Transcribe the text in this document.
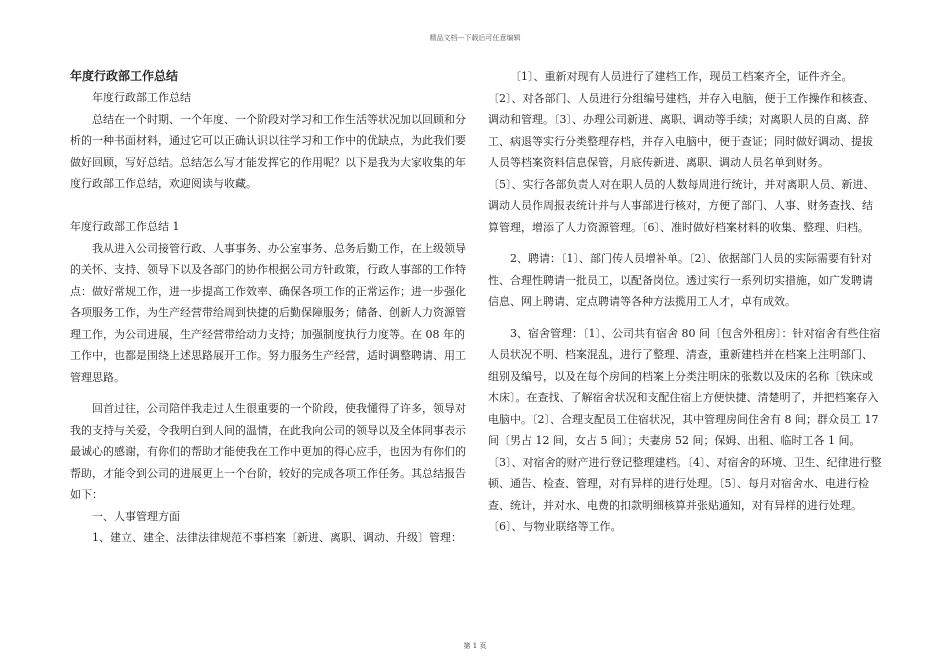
精品文档---下载后可任意编辑

年度行政部工作总结

年度行政部工作总结

总结在一个时期、一个年度、一个阶段对学习和工作生活等状况加以回顾和分析的一种书面材料，通过它可以正确认识以往学习和工作中的优缺点，为此我们要做好回顾，写好总结。总结怎么写才能发挥它的作用呢？以下是我为大家收集的年度行政部工作总结，欢迎阅读与收藏。

年度行政部工作总结 1

我从进入公司接管行政、人事事务、办公室事务、总务后勤工作，在上级领导的关怀、支持、领导下以及各部门的协作根据公司方针政策，行政人事部的工作特点：做好常规工作，进一步提高工作效率、确保各项工作的正常运作；进一步强化各项服务工作，为生产经营带给周到快捷的后勤保障服务；储备、创新人力资源管理工作，为公司进展，生产经营带给动力支持；加强制度执行力度等。在 08 年的工作中，也都是围绕上述思路展开工作。努力服务生产经营，适时调整聘请、用工管理思路。

回首过往，公司陪伴我走过人生很重要的一个阶段，使我懂得了许多，领导对我的支持与关爱，令我明白到人间的温情，在此我向公司的领导以及全体同事表示最诚心的感谢，有你们的帮助才能使我在工作中更加的得心应手，也因为有你们的帮助，才能令到公司的进展更上一个台阶，较好的完成各项工作任务。其总结报告如下：

一、人事管理方面

1、建立、建全、法律法律规范不事档案〔新进、离职、调动、升级〕管理：

〔1〕、重新对现有人员进行了建档工作，现员工档案齐全，证件齐全。

〔2〕、对各部门、人员进行分组编号建档，并存入电脑，便于工作操作和核查、调动和管理。〔3〕、办理公司新进、离职、调动等手续；对离职人员的自离、辞工、病退等实行分类整理存档，并存入电脑中，便于查证；同时做好调动、提拔人员等档案资料信息保管，月底传新进、离职、调动人员名单到财务。

〔5〕、实行各部负责人对在职人员的人数每周进行统计，并对离职人员、新进、调动人员作周报表统计并与人事部进行核对，方便了部门、人事、财务查找、结算管理，增添了人力资源管理。〔6〕、准时做好档案材料的收集、整理、归档。

2、聘请：〔1〕、部门传人员增补单。〔2〕、依据部门人员的实际需要有针对性、合理性聘请一批员工，以配备岗位。透过实行一系列切实措施，如广发聘请信息、网上聘请、定点聘请等各种方法揽用工人才，卓有成效。

3、宿舍管理：〔1〕、公司共有宿舍 80 间〔包含外租房〕：针对宿舍有些住宿人员状况不明、档案混乱，进行了整理、清查，重新建档并在档案上注明部门、组别及编号，以及在每个房间的档案上分类注明床的张数以及床的名称〔铁床或木床〕。在查找、了解宿舍状况和支配住宿上方便快捷、清楚明了，并把档案存入电脑中。〔2〕、合理支配员工住宿状况，其中管理房间住舍有 8 间；群众员工 17 间〔男占 12 间，女占 5 间〕；夫妻房 52 间；保姆、出租、临时工各 1 间。〔3〕、对宿舍的财产进行登记整理建档。〔4〕、对宿舍的环境、卫生、纪律进行整顿、通告、检查、管理，对有异样的进行处理。〔5〕、每月对宿舍水、电进行检查、统计，并对水、电费的扣款明细核算并张贴通知，对有异样的进行处理。〔6〕、与物业联络等工作。

第 1 页
